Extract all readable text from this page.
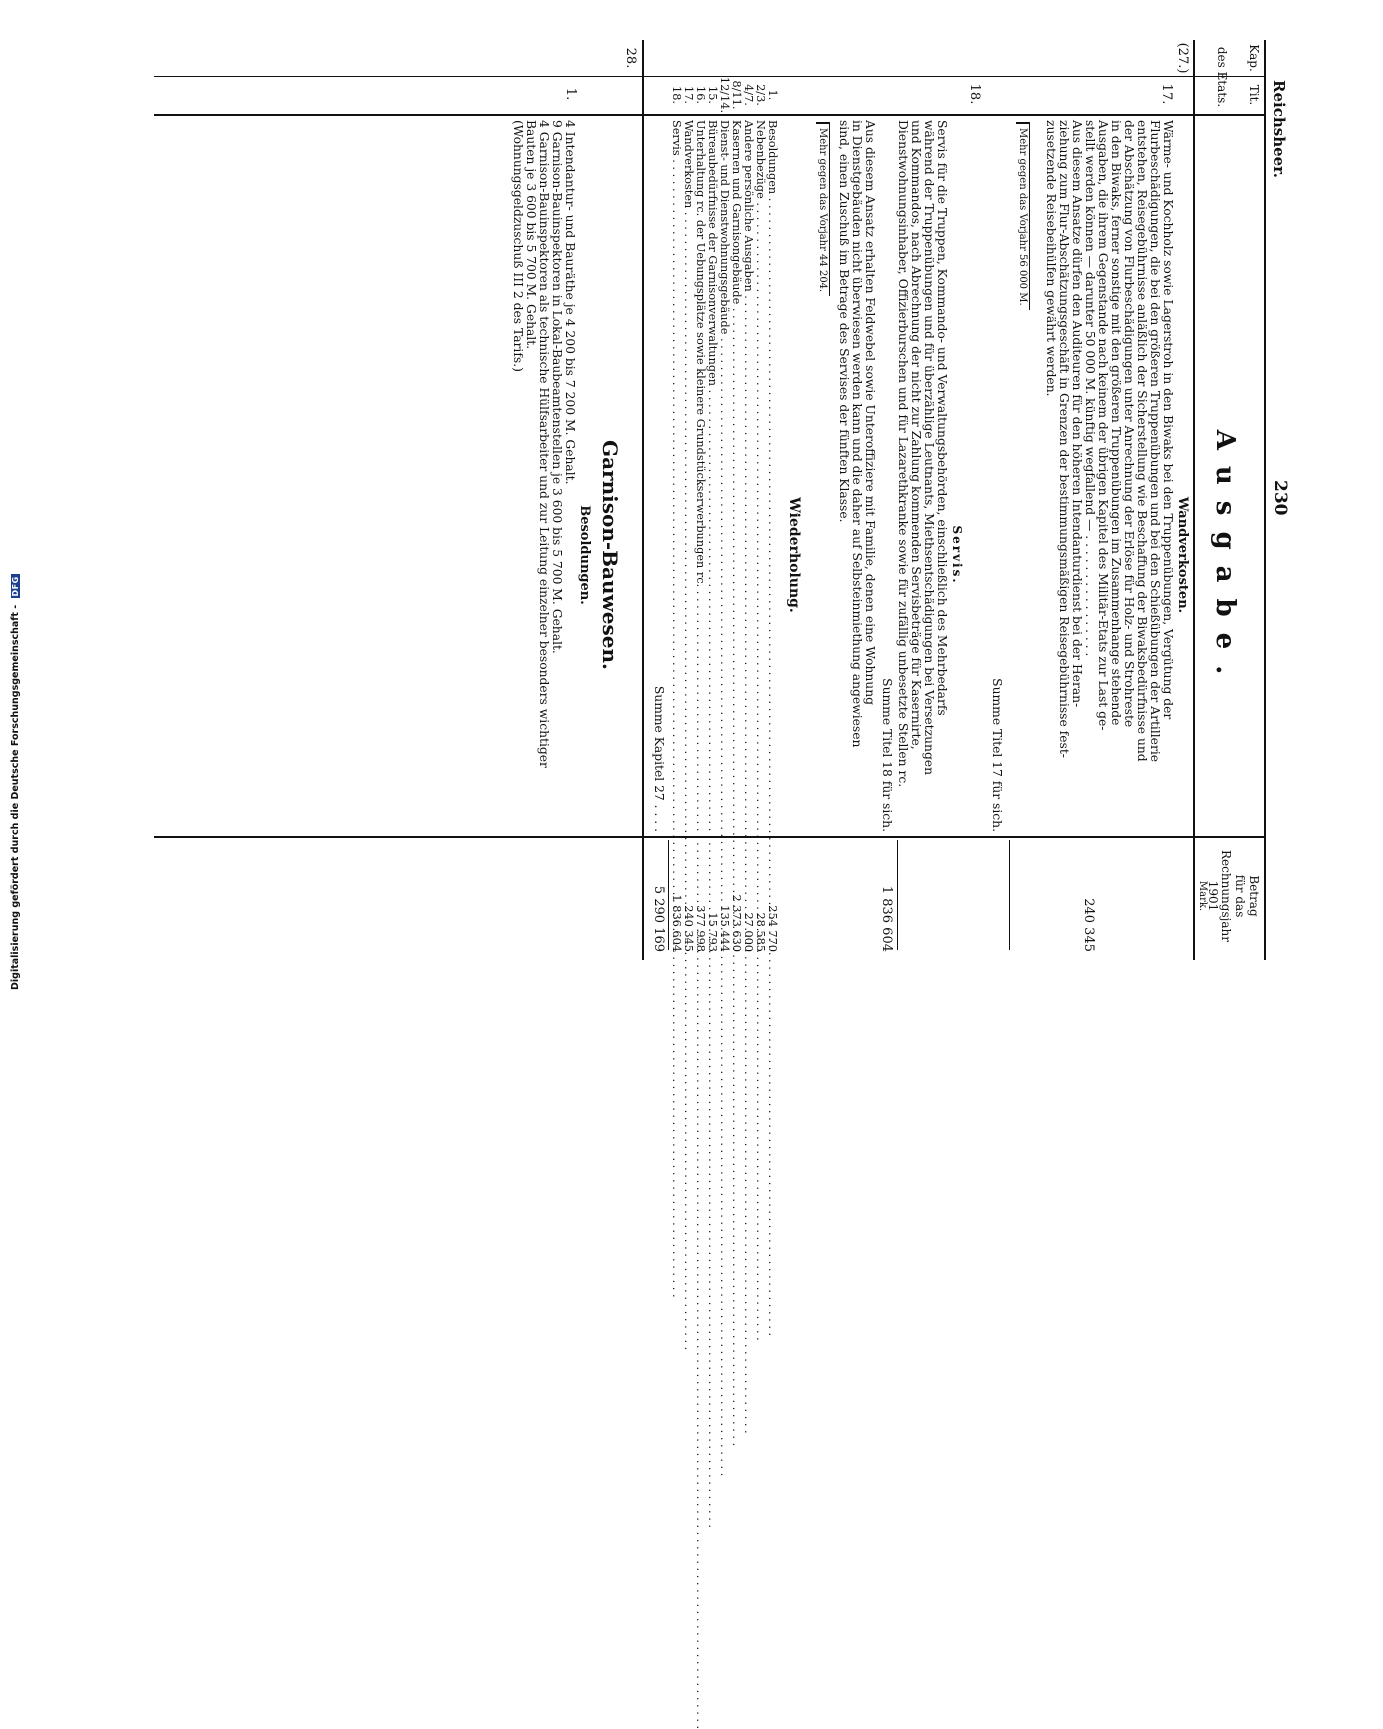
Digitalisierung gefördert durch die Deutsche Forschungsgemeinschaft - DFG
Reichsheer.
230
Kap.
Tit.
des Etats.
Betrag
für das
Rechnungsjahr
1901
Mark.
Ausgabe.
(27.)
Wandverkosten.
17.
Wärme- und Kochholz sowie Lagerstroh in den Biwaks bei den Truppenübungen, Vergütung der
Flurbeschädigungen, die bei den größeren Truppenübungen und bei den Schießübungen der Artillerie
entstehen, Reisegebührnisse anläßlich der Sicherstellung wie Beschaffung der Biwaksbedürfnisse und
der Abschätzung von Flurbeschädigungen unter Anrechnung der Erlöse für Holz- und Strohreste
in den Biwaks, ferner sonstige mit den größeren Truppenübungen im Zusammenhange stehende
Ausgaben, die ihrem Gegenstande nach keinem der übrigen Kapitel des Militär-Etats zur Last ge-
stellt werden können — darunter 50 000 M. künftig wegfallend — . . . . . . . . . . . . . . . .
Aus diesem Ansatze dürfen den Auditeuren für den höheren Intendanturdienst bei der Heran-
ziehung zum Flur-Abschätzungsgeschäft in Grenzen der bestimmungsmäßigen Reisegebührnisse fest-
zusetzende Reisebeihülfen gewährt werden.
240 345
Mehr gegen das Vorjahr 56 000 M.
Summe Titel 17 für sich.
Servis.
18.
Servis für die Truppen, Kommando- und Verwaltungsbehörden, einschließlich des Mehrbedarfs
während der Truppenübungen und für überzählige Leutnants, Miethsentschädigungen bei Versetzungen
und Kommandos, nach Abrechnung der nicht zur Zahlung kommenden Servisbeträge für Kasernirte,
Dienstwohnungsinhaber, Offizierburschen und für Lazarethkranke sowie für zufällig unbesetzte Stellen rc.
Summe Titel 18 für sich.
1 836 604
Aus diesem Ansatz erhalten Feldwebel sowie Unteroffiziere mit Familie, denen eine Wohnung
in Dienstgebäuden nicht überwiesen werden kann und die daher auf Selbsteinmiethung angewiesen
sind, einen Zuschuß im Betrage des Servises der fünften Klasse.
Mehr gegen das Vorjahr 44 204.
Wiederholung.
1.
Besoldungen . . .
254 770
2/3.
Nebenbezüge . . .
28 585
4/7.
Andere persönliche Ausgaben . . .
27 000
8/11.
Kasernen und Garnisongebäude . . .
2 373 630
12/14.
Dienst- und Dienstwohnungsgebäude . . .
135 444
15.
Büreaubedürfnisse der Garnisonverwaltungen . . .
15 793
16.
Unterhaltung rc. der Uebungsplätze sowie kleinere Grundstückserwerbungen rc. . . .
377 998
17.
Wandverkosten . . .
240 345
18.
Servis . . .
1 836 604
Summe Kapitel 27 . . . .
5 290 169
28.
Garnison-Bauwesen.
Besoldungen.
1.
4 Intendantur- und Bauräthe je 4 200 bis 7 200 M. Gehalt.
9 Garnison-Bauinspektoren in Lokal-Baubeamtenstellen je 3 600 bis 5 700 M. Gehalt.
4 Garnison-Bauinspektoren als technische Hülfsarbeiter und zur Leitung einzelner besonders wichtiger
Bauten je 3 600 bis 5 700 M. Gehalt.
(Wohnungsgeldzuschuß III 2 des Tarifs.)
